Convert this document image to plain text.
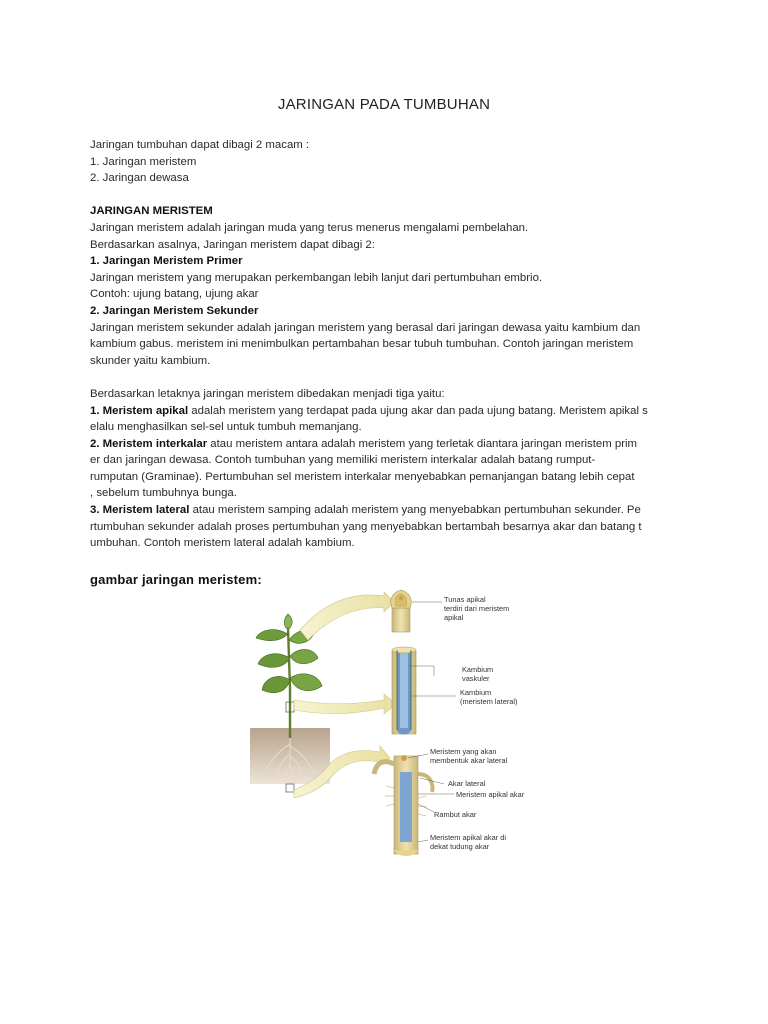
JARINGAN PADA TUMBUHAN
Jaringan tumbuhan dapat dibagi 2 macam :
1. Jaringan meristem
2. Jaringan dewasa
JARINGAN MERISTEM
Jaringan meristem adalah jaringan muda yang terus menerus mengalami pembelahan.
Berdasarkan asalnya, Jaringan meristem dapat dibagi 2:
1. Jaringan Meristem Primer
Jaringan meristem yang merupakan perkembangan lebih lanjut dari pertumbuhan embrio.
Contoh: ujung batang, ujung akar
2. Jaringan Meristem Sekunder
Jaringan meristem sekunder adalah jaringan meristem yang berasal dari jaringan dewasa yaitu kambium dan
kambium gabus. meristem ini menimbulkan pertambahan besar tubuh tumbuhan. Contoh jaringan meristem
skunder yaitu kambium.
Berdasarkan letaknya jaringan meristem dibedakan menjadi tiga yaitu:
1. Meristem apikal adalah meristem yang terdapat pada ujung akar dan pada ujung batang. Meristem apikal s
elalu menghasilkan sel-sel untuk tumbuh memanjang.
2. Meristem interkalar atau meristem antara adalah meristem yang terletak diantara jaringan meristem prim
er dan jaringan dewasa. Contoh tumbuhan yang memiliki meristem interkalar adalah batang rumput-
rumputan (Graminae). Pertumbuhan sel meristem interkalar menyebabkan pemanjangan batang lebih cepat
, sebelum tumbuhnya bunga.
3. Meristem lateral atau meristem samping adalah meristem yang menyebabkan pertumbuhan sekunder. Pe
rtumbuhan sekunder adalah proses pertumbuhan yang menyebabkan bertambah besarnya akar dan batang t
umbuhan. Contoh meristem lateral adalah kambium.
gambar jaringan meristem:
Tunas apikal
terdiri dari meristem
apikal
Kambium
vaskuler
Kambium
(meristem lateral)
Meristem yang akan
membentuk akar lateral
Akar lateral
Meristem apikal akar
Rambut akar
Meristem apikal akar di
dekat tudung akar
